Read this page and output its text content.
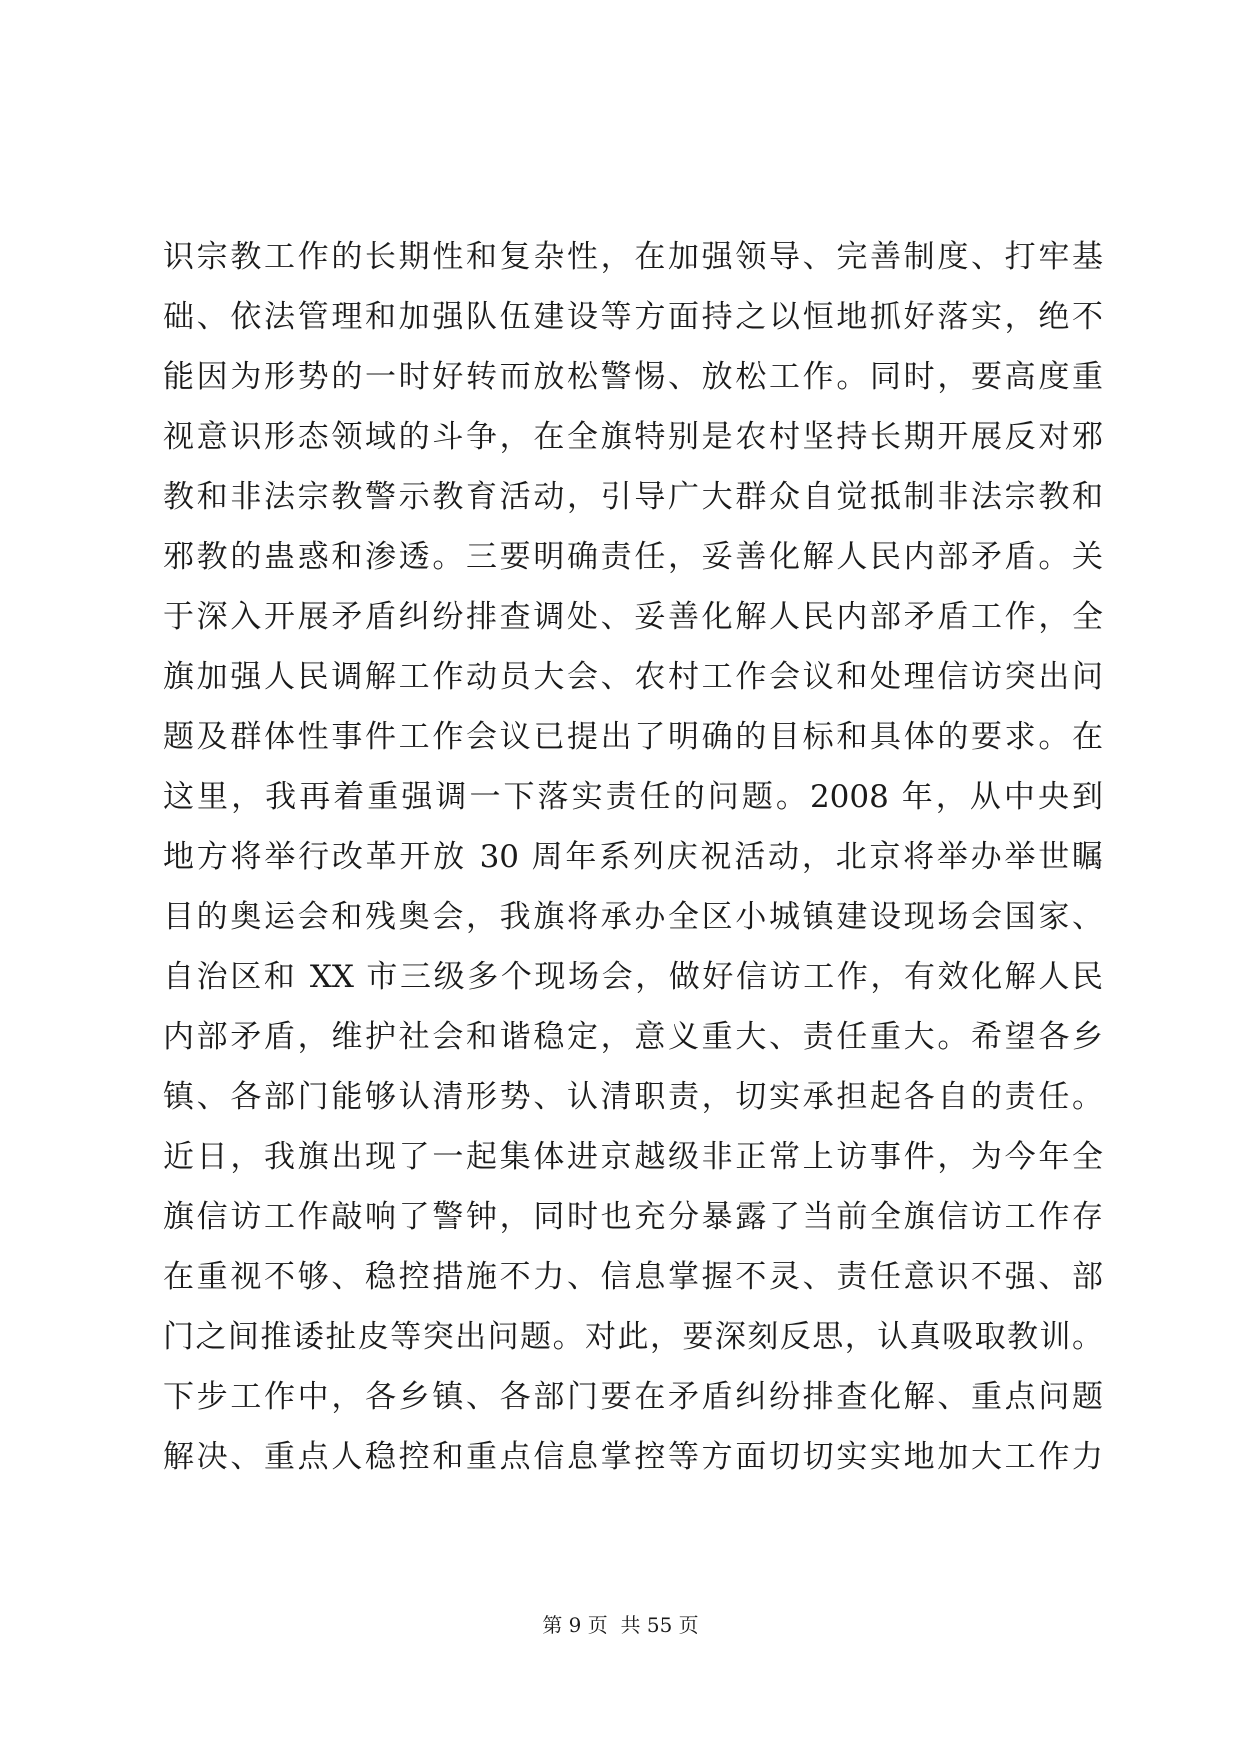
识宗教工作的长期性和复杂性，在加强领导、完善制度、打牢基
础、依法管理和加强队伍建设等方面持之以恒地抓好落实，绝不
能因为形势的一时好转而放松警惕、放松工作。同时，要高度重
视意识形态领域的斗争，在全旗特别是农村坚持长期开展反对邪
教和非法宗教警示教育活动，引导广大群众自觉抵制非法宗教和
邪教的蛊惑和渗透。三要明确责任，妥善化解人民内部矛盾。关
于深入开展矛盾纠纷排查调处、妥善化解人民内部矛盾工作，全
旗加强人民调解工作动员大会、农村工作会议和处理信访突出问
题及群体性事件工作会议已提出了明确的目标和具体的要求。在
这里，我再着重强调一下落实责任的问题。2008 年，从中央到
地方将举行改革开放 30 周年系列庆祝活动，北京将举办举世瞩
目的奥运会和残奥会，我旗将承办全区小城镇建设现场会国家、
自治区和 XX 市三级多个现场会，做好信访工作，有效化解人民
内部矛盾，维护社会和谐稳定，意义重大、责任重大。希望各乡
镇、各部门能够认清形势、认清职责，切实承担起各自的责任。
近日，我旗出现了一起集体进京越级非正常上访事件，为今年全
旗信访工作敲响了警钟，同时也充分暴露了当前全旗信访工作存
在重视不够、稳控措施不力、信息掌握不灵、责任意识不强、部
门之间推诿扯皮等突出问题。对此，要深刻反思，认真吸取教训。
下步工作中，各乡镇、各部门要在矛盾纠纷排查化解、重点问题
解决、重点人稳控和重点信息掌控等方面切切实实地加大工作力
第 9 页  共 55 页
